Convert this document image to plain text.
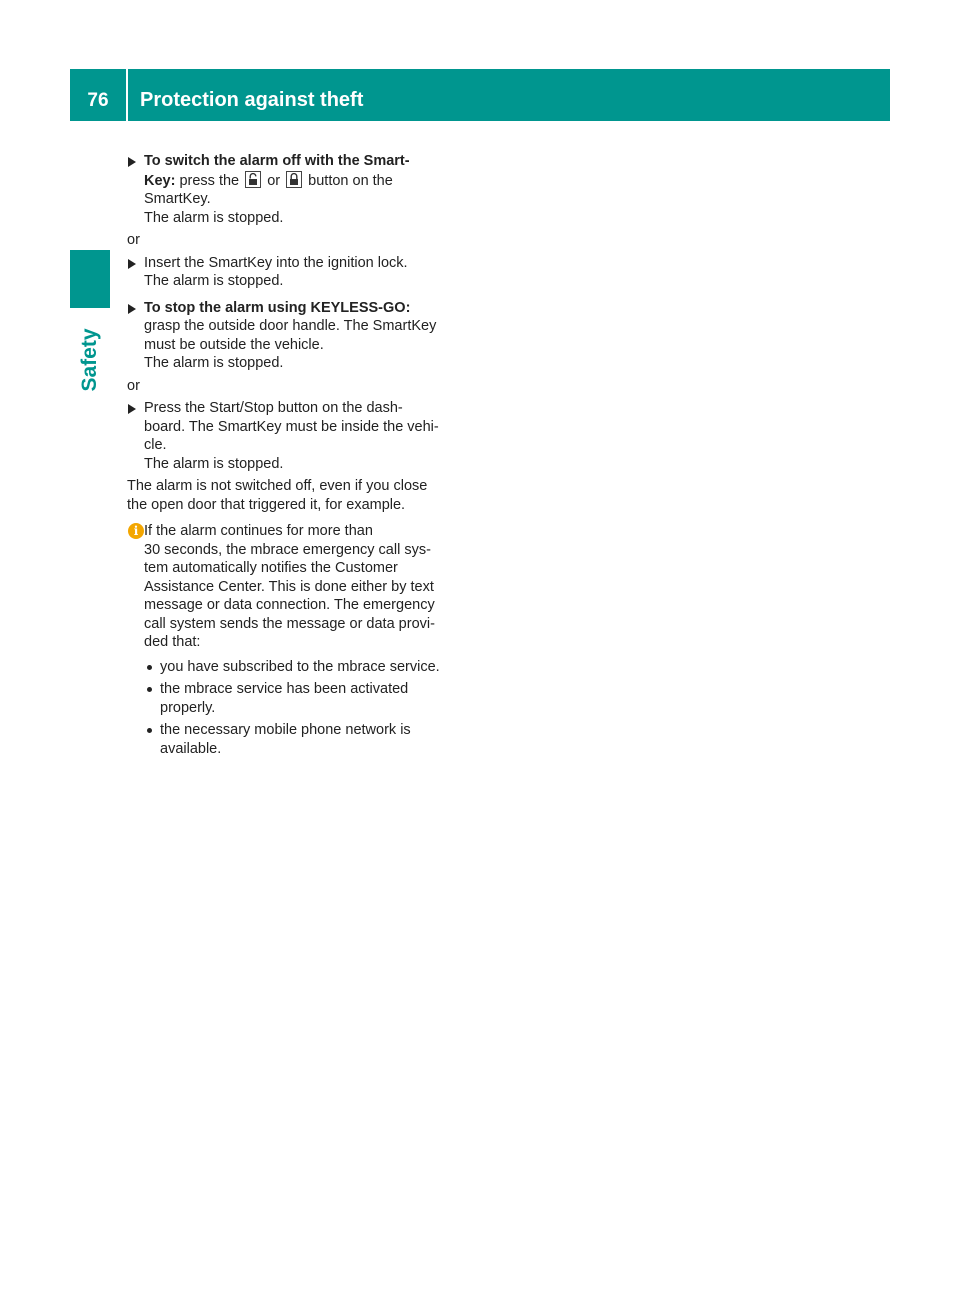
76	Protection against theft
Safety
To switch the alarm off with the Smart-
Key: press the or button on the
SmartKey.
The alarm is stopped.
or
Insert the SmartKey into the ignition lock.
The alarm is stopped.
To stop the alarm using KEYLESS-GO:
grasp the outside door handle. The SmartKey
must be outside the vehicle.
The alarm is stopped.
or
Press the Start/Stop button on the dash-
board. The SmartKey must be inside the vehi-
cle.
The alarm is stopped.
The alarm is not switched off, even if you close
the open door that triggered it, for example.
i If the alarm continues for more than
30 seconds, the mbrace emergency call sys-
tem automatically notifies the Customer
Assistance Center. This is done either by text
message or data connection. The emergency
call system sends the message or data provi-
ded that:
you have subscribed to the mbrace service.
the mbrace service has been activated
properly.
the necessary mobile phone network is
available.
